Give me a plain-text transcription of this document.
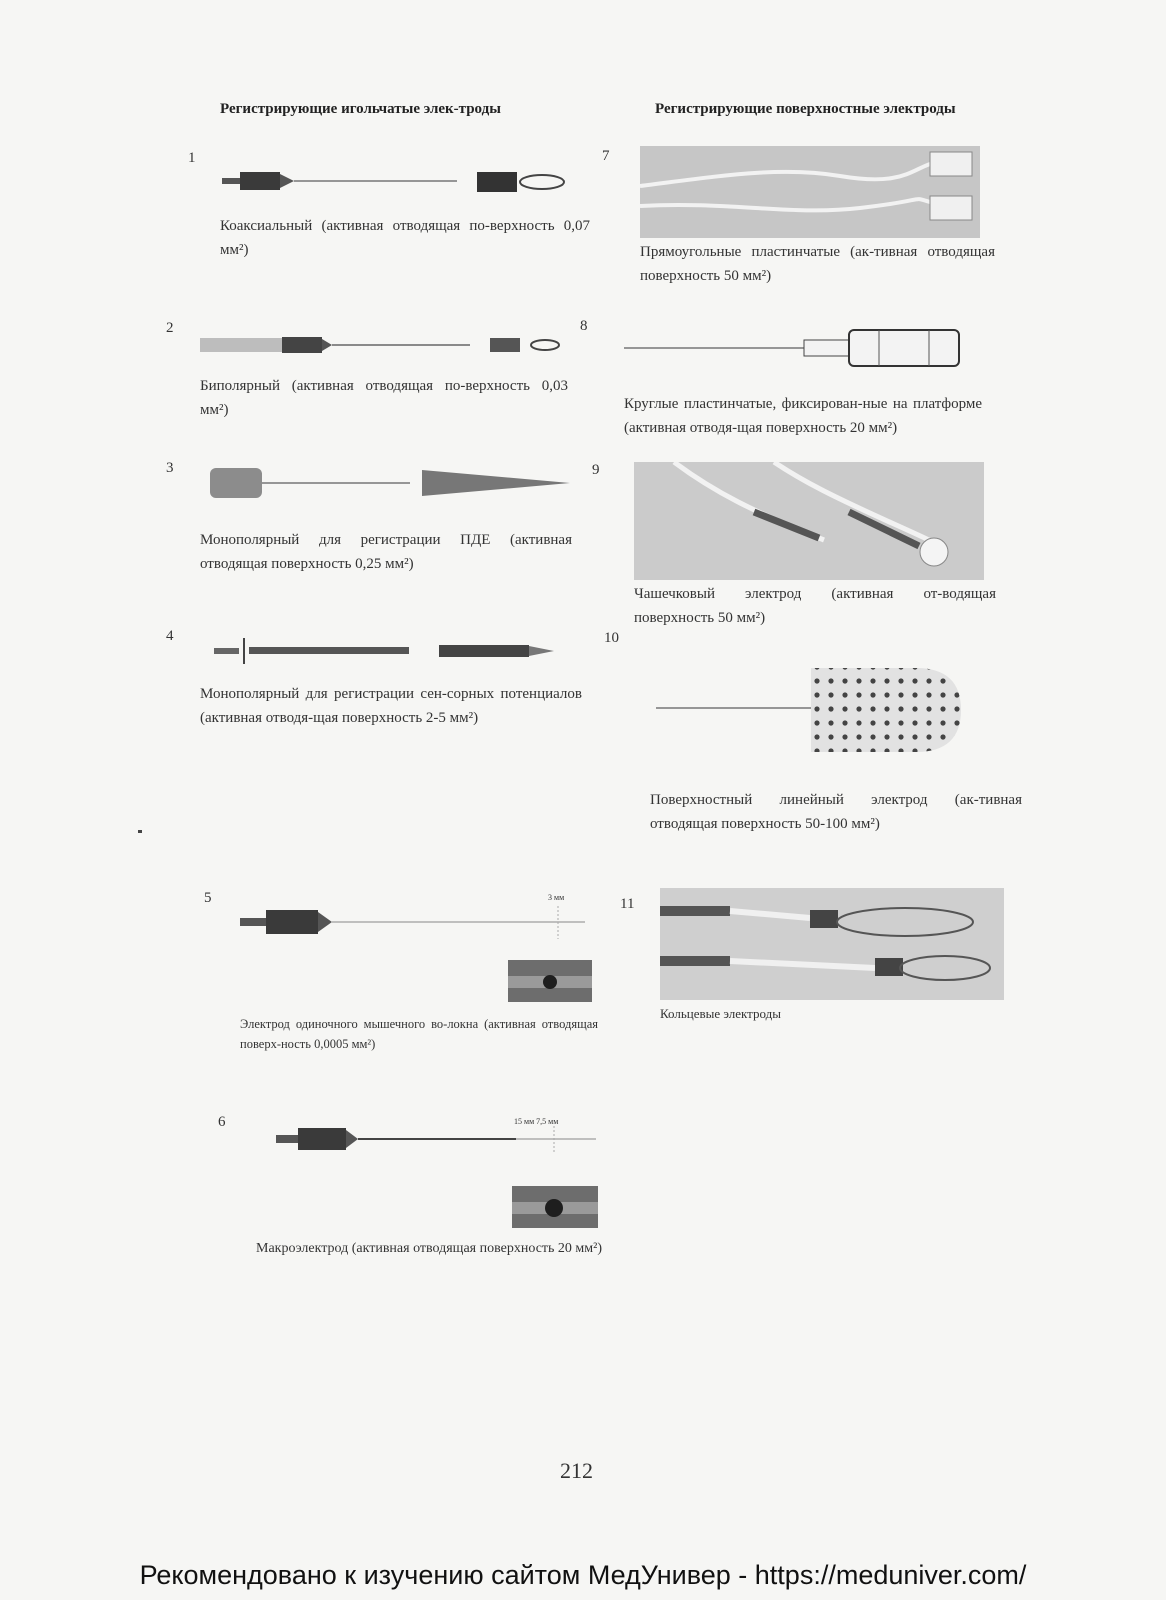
Регистрирующие игольчатые элек-троды	Регистрирующие поверхностные электроды
1
Коаксиальный (активная отводящая по-верхность 0,07 мм²)
2
Биполярный (активная отводящая по-верхность 0,03 мм²)
3
Монополярный для регистрации ПДЕ (активная отводящая поверхность 0,25 мм²)
4
Монополярный для регистрации сен-сорных потенциалов (активная отводя-щая поверхность 2-5 мм²)
5	3 мм
Электрод одиночного мышечного во-локна (активная отводящая поверх-ность 0,0005 мм²)
6	15 мм 7,5 мм
Макроэлектрод (активная отводящая поверхность 20 мм²)
7
Прямоугольные пластинчатые (ак-тивная отводящая поверхность 50 мм²)
8
Круглые пластинчатые, фиксирован-ные на платформе (активная отводя-щая поверхность 20 мм²)
9
Чашечковый электрод (активная от-водящая поверхность 50 мм²)
10
Поверхностный линейный электрод (ак-тивная отводящая поверхность 50-100 мм²)
11
Кольцевые электроды
212
Рекомендовано к изучению сайтом МедУнивер - https://meduniver.com/
